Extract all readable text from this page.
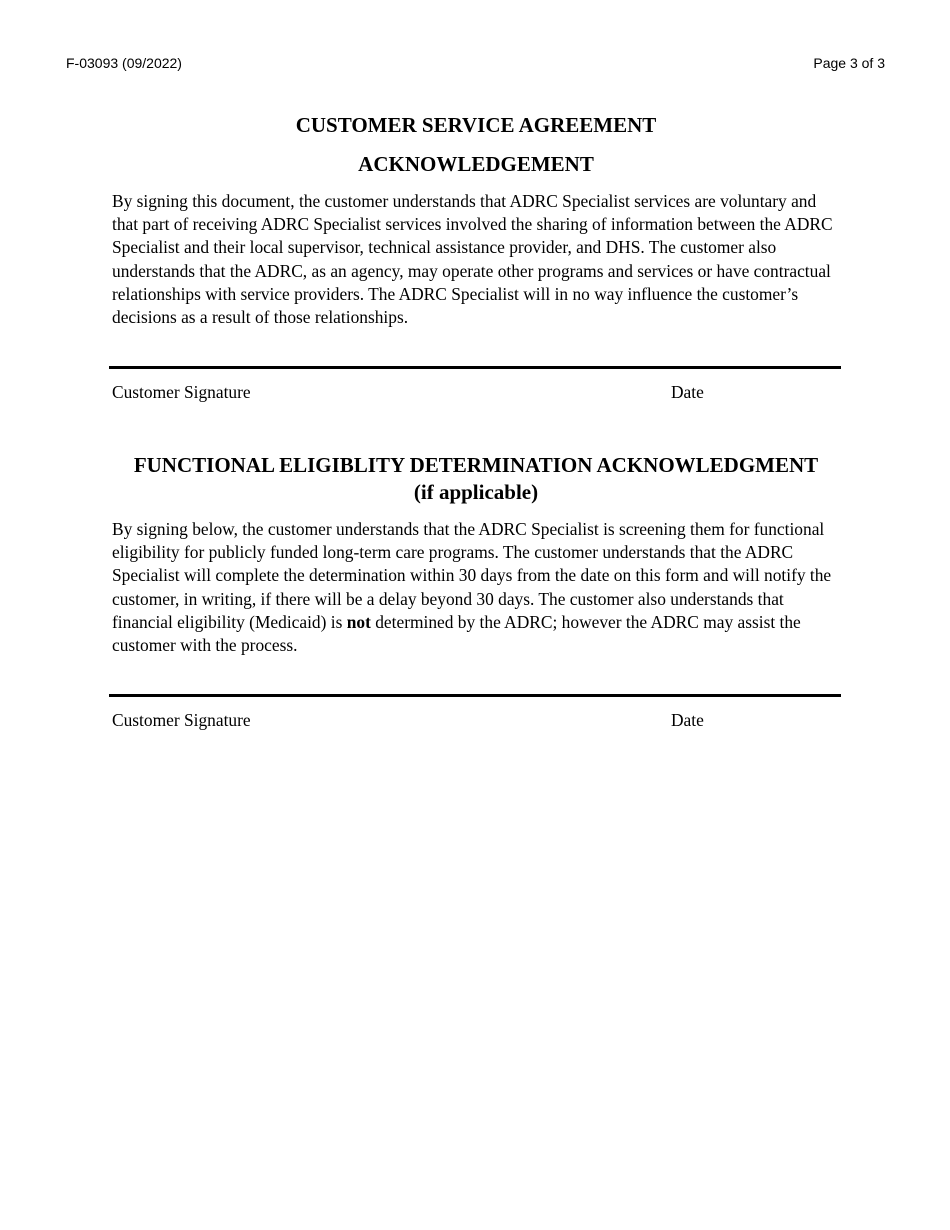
F-03093 (09/2022)	Page 3 of 3
CUSTOMER SERVICE AGREEMENT
ACKNOWLEDGEMENT

By signing this document, the customer understands that ADRC Specialist services are voluntary and that part of receiving ADRC Specialist services involved the sharing of information between the ADRC Specialist and their local supervisor, technical assistance provider, and DHS. The customer also understands that the ADRC, as an agency, may operate other programs and services or have contractual relationships with service providers. The ADRC Specialist will in no way influence the customer’s decisions as a result of those relationships.

Customer Signature	Date

FUNCTIONAL ELIGIBLITY DETERMINATION ACKNOWLEDGMENT
(if applicable)

By signing below, the customer understands that the ADRC Specialist is screening them for functional eligibility for publicly funded long-term care programs. The customer understands that the ADRC Specialist will complete the determination within 30 days from the date on this form and will notify the customer, in writing, if there will be a delay beyond 30 days. The customer also understands that financial eligibility (Medicaid) is not determined by the ADRC; however the ADRC may assist the customer with the process.

Customer Signature	Date
